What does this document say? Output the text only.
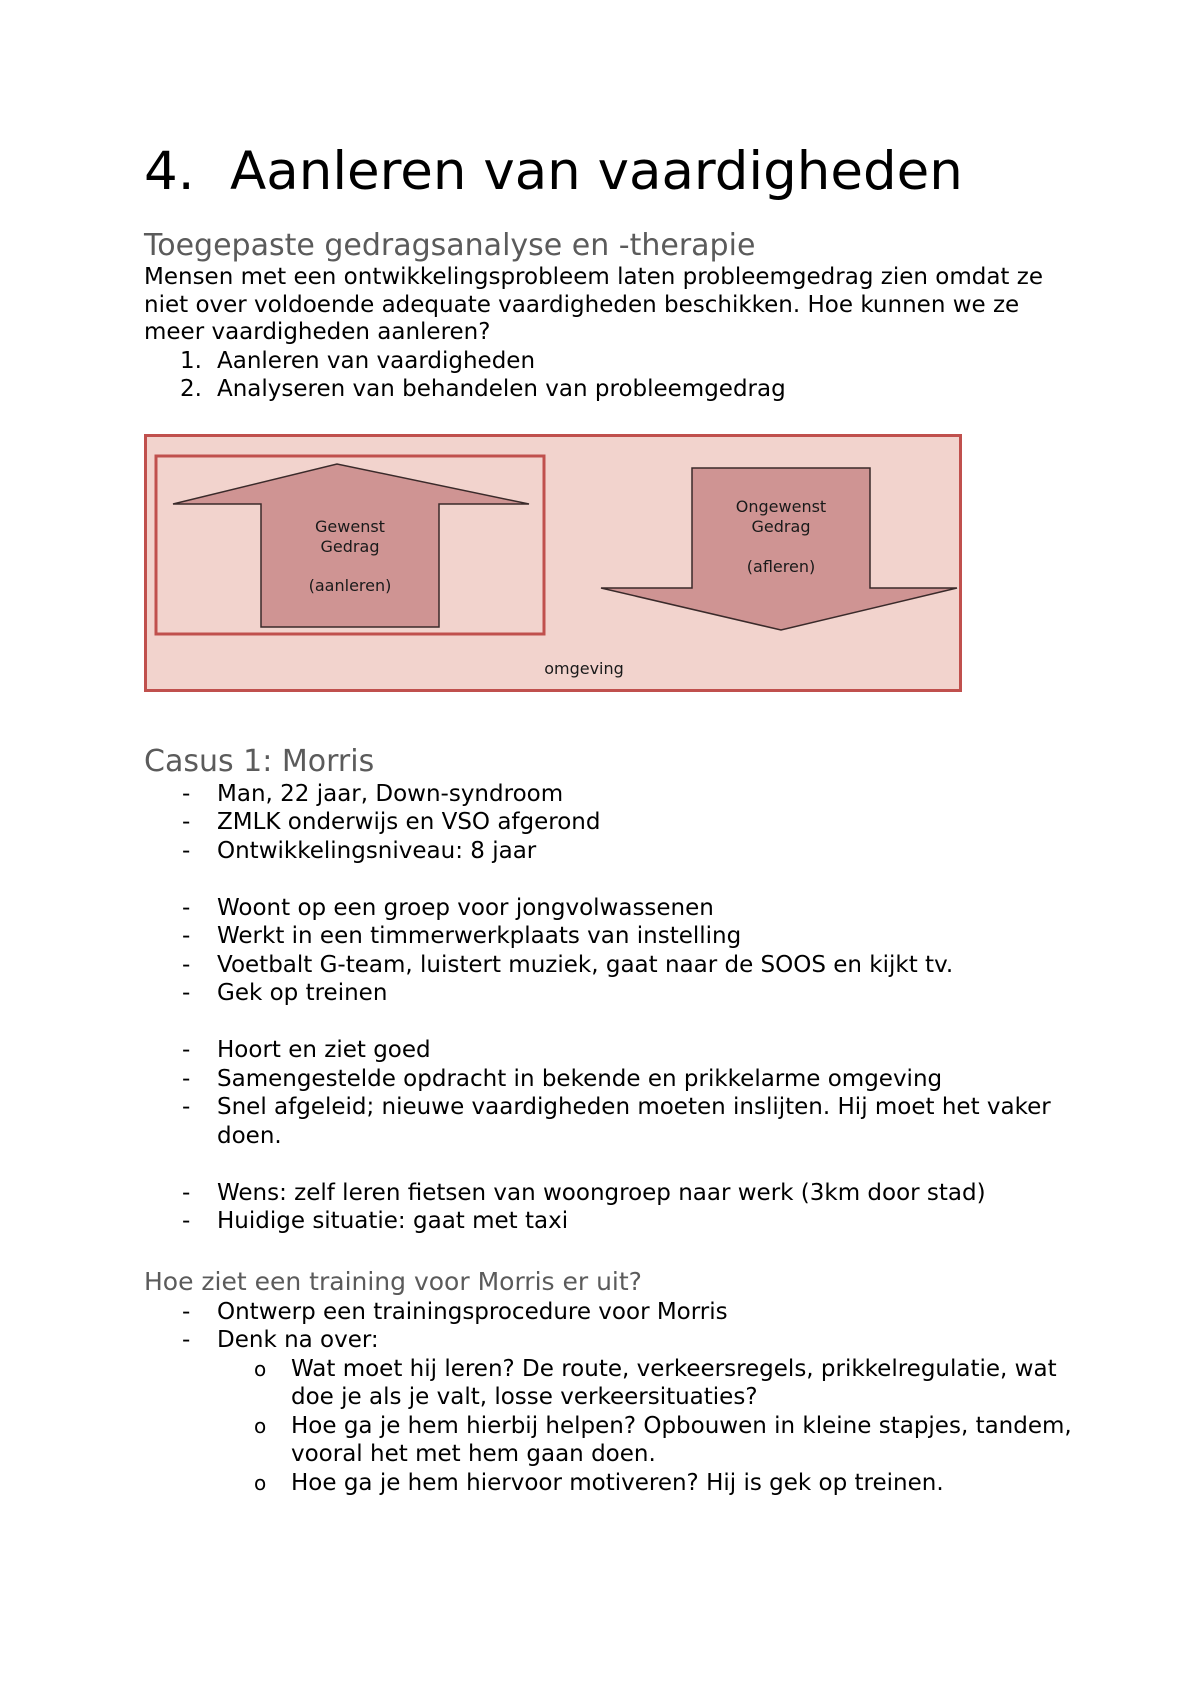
4. Aanleren van vaardigheden
Toegepaste gedragsanalyse en -therapie

Mensen met een ontwikkelingsprobleem laten probleemgedrag zien omdat ze niet over voldoende adequate vaardigheden beschikken. Hoe kunnen we ze meer vaardigheden aanleren?

1. Aanleren van vaardigheden
2. Analyseren van behandelen van probleemgedrag
Gewenst
Gedrag
(aanleren)
Ongewenst
Gedrag
(afleren)
omgeving
Casus 1: Morris
- Man, 22 jaar, Down-syndroom
- ZMLK onderwijs en VSO afgerond
- Ontwikkelingsniveau: 8 jaar
- Woont op een groep voor jongvolwassenen
- Werkt in een timmerwerkplaats van instelling
- Voetbalt G-team, luistert muziek, gaat naar de SOOS en kijkt tv.
- Gek op treinen
- Hoort en ziet goed
- Samengestelde opdracht in bekende en prikkelarme omgeving
- Snel afgeleid; nieuwe vaardigheden moeten inslijten. Hij moet het vaker doen.
- Wens: zelf leren fietsen van woongroep naar werk (3km door stad)
- Huidige situatie: gaat met taxi
Hoe ziet een training voor Morris er uit?
- Ontwerp een trainingsprocedure voor Morris
- Denk na over:
o Wat moet hij leren? De route, verkeersregels, prikkelregulatie, wat doe je als je valt, losse verkeersituaties?
o Hoe ga je hem hierbij helpen? Opbouwen in kleine stapjes, tandem, vooral het met hem gaan doen.
o Hoe ga je hem hiervoor motiveren? Hij is gek op treinen.
